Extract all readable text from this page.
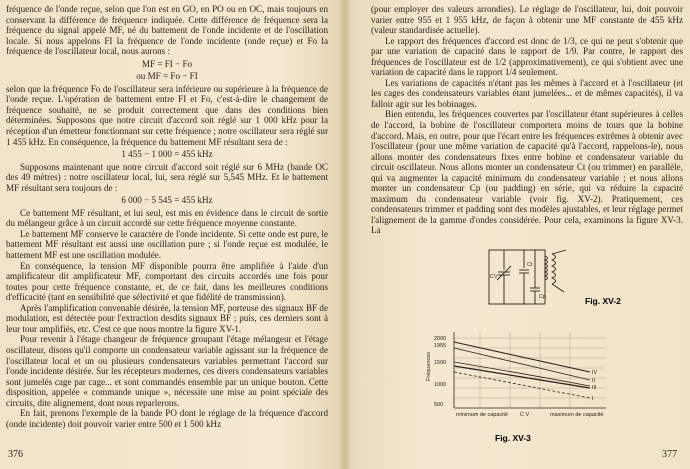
fréquence de l'onde reçue, selon que l'on est en GO, en PO ou en OC, mais toujours en conservant la différence de fréquence indiquée. Cette différence de fréquence sera la fréquence du signal appelé MF, né du battement de l'onde incidente et de l'oscillation locale. Si nous appelons FI la fréquence de l'onde incidente (onde reçue) et Fo la fréquence de l'oscillateur local, nous aurons :

MF = FI − Fo

ou MF = Fo − FI

selon que la fréquence Fo de l'oscillateur sera inférieure ou supérieure à la fréquence de l'onde reçue. L'opération de battement entre FI et Fo, c'est-à-dire le changement de fréquence souhaité, ne se produit correctement que dans des conditions bien déterminées. Supposons que notre circuit d'accord soit réglé sur 1 000 kHz pour la réception d'un émetteur fonctionnant sur cette fréquence ; notre oscillateur sera réglé sur 1 455 kHz. En conséquence, la fréquence du battement MF résultant sera de :

1 455 − 1 000 = 455 kHz

Supposons maintenant que notre circuit d'accord soit réglé sur 6 MHz (bande OC des 49 mètres) : notre oscillateur local, lui, sera réglé sur 5,545 MHz. Et le battement MF résultant sera toujours de :

6 000 − 5 545 = 455 kHz

Ce battement MF résultant, et lui seul, est mis en évidence dans le circuit de sortie du mélangeur grâce à un circuit accordé sur cette fréquence moyenne constante.

Le battement MF conserve le caractère de l'onde incidente. Si cette onde est pure, le battement MF résultant est aussi une oscillation pure ; si l'onde reçue est modulée, le battement MF est une oscillation modulée.

En conséquence, la tension MF disponible pourra être amplifiée à l'aide d'un amplificateur dit amplificateur MF, comportant des circuits accordés une fois pour toutes pour cette fréquence constante, et, de ce fait, dans les meilleures conditions d'efficacité (tant en sensibilité que sélectivité et que fidélité de transmission).

Après l'amplification convenable désirée, la tension MF, porteuse des signaux BF de modulation, est détectée pour l'extraction desdits signaux BF ; puis, ces derniers sont à leur tour amplifiés, etc. C'est ce que nous montre la figure XV-1.

Pour revenir à l'étage changeur de fréquence groupant l'étage mélangeur et l'étage oscillateur, disons qu'il comporte un condensateur variable agissant sur la fréquence de l'oscillateur local et un ou plusieurs condensateurs variables permettant l'accord sur l'onde incidente désirée. Sur les récepteurs modernes, ces divers condensateurs variables sont jumelés cage par cage... et sont commandés ensemble par un unique bouton. Cette disposition, appelée « commande unique », nécessite une mise au point spéciale des circuits, dite alignement, dont nous reparlerons.

En fait, prenons l'exemple de la bande PO dont le réglage de la fréquence d'accord (onde incidente) doit pouvoir varier entre 500 et 1 500 kHz

376

(pour employer des valeurs arrondies). Le réglage de l'oscillateur, lui, doit pouvoir varier entre 955 et 1 955 kHz, de façon à obtenir une MF constante de 455 kHz (valeur standardisée actuelle).

Le rapport des fréquences d'accord est donc de 1/3, ce qui ne peut s'obtenir que par une variation de capacité dans le rapport de 1/9. Par contre, le rapport des fréquences de l'oscillateur est de 1/2 (approximativement), ce qui s'obtient avec une variation de capacité dans le rapport 1/4 seulement.

Les variations de capacités n'étant pas les mêmes à l'accord et à l'oscillateur (et les cages des condensateurs variables étant jumelées... et de mêmes capacités), il va falloir agir sur les bobinages.

Bien entendu, les fréquences couvertes par l'oscillateur étant supérieures à celles de l'accord, la bobine de l'oscillateur comportera moins de tours que la bobine d'accord. Mais, en outre, pour que l'écart entre les fréquences extrêmes à obtenir avec l'oscillateur (pour une même variation de capacité qu'à l'accord, rappelons-le), nous allons monter des condensateurs fixes entre bobine et condensateur variable du circuit oscillateur. Nous allons monter un condensateur Ct (ou trimmer) en parallèle, qui va augmenter la capacité minimum du condensateur variable ; et nous allons monter un condensateur Cp (ou padding) en série, qui va réduire la capacité maximum du condensateur variable (voir fig. XV-2). Pratiquement, ces condensateurs trimmer et padding sont des modèles ajustables, et leur réglage permet l'alignement de la gamme d'ondes considérée. Pour cela, examinons la figure XV-3. La

377
CV
Ct
Cp	Fig. XV-2
Fréquences
2000
1955
1500
1000
500
IV
II
III
I
C V
minimum de capacité	maximum de capacité
Fig. XV-3
